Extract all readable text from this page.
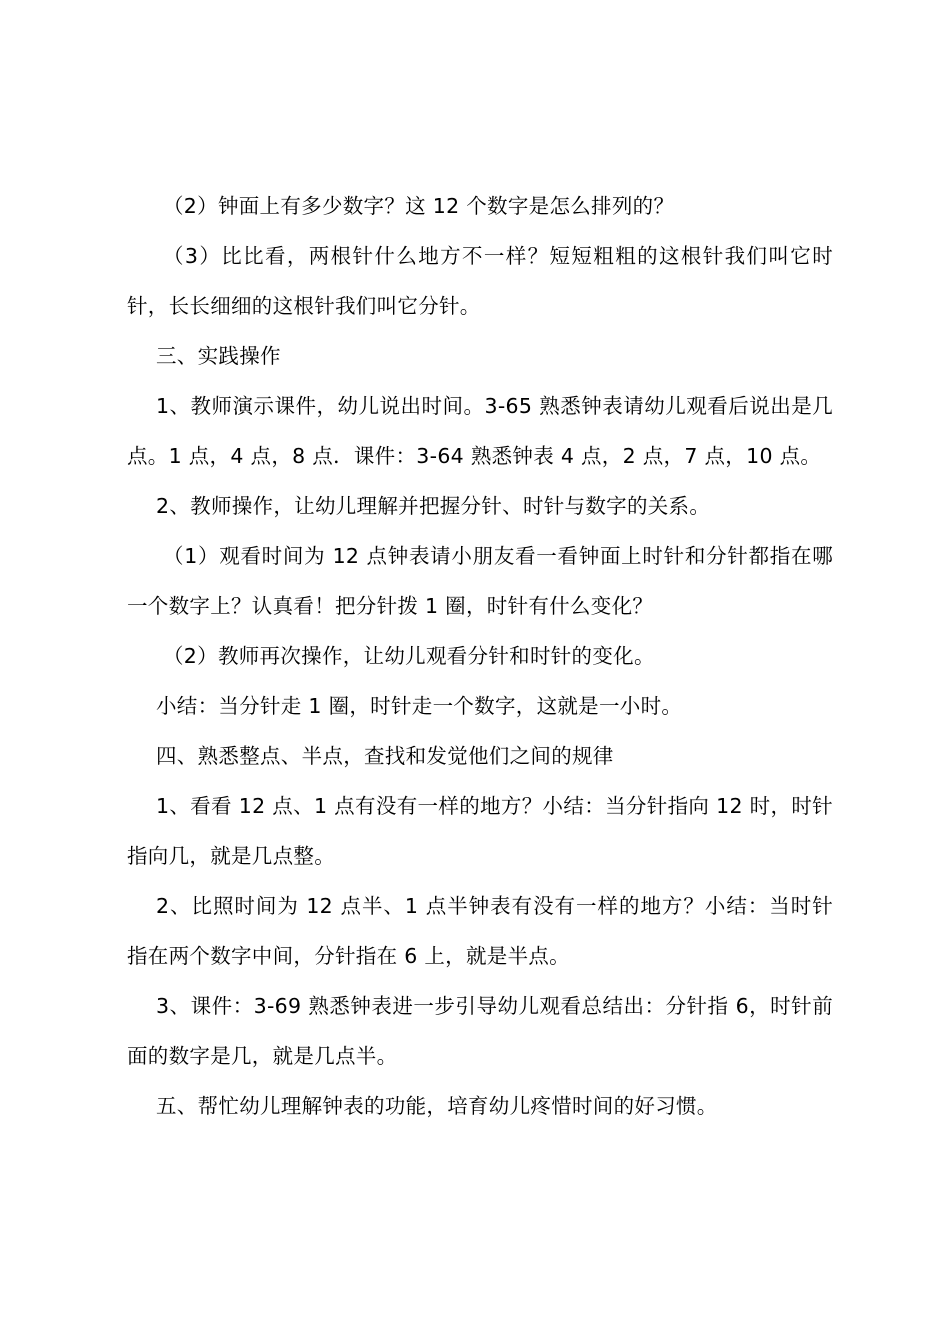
（2）钟面上有多少数字？这 12 个数字是怎么排列的？

（3）比比看，两根针什么地方不一样？短短粗粗的这根针我们叫它时针，长长细细的这根针我们叫它分针。

三、实践操作

1、教师演示课件，幼儿说出时间。3-65 熟悉钟表请幼儿观看后说出是几点。1 点，4 点，8 点．课件：3-64 熟悉钟表 4 点，2 点，7 点，10 点。

2、教师操作，让幼儿理解并把握分针、时针与数字的关系。

（1）观看时间为 12 点钟表请小朋友看一看钟面上时针和分针都指在哪一个数字上？认真看！把分针拨 1 圈，时针有什么变化？

（2）教师再次操作，让幼儿观看分针和时针的变化。

小结：当分针走 1 圈，时针走一个数字，这就是一小时。

四、熟悉整点、半点，查找和发觉他们之间的规律

1、看看 12 点、1 点有没有一样的地方？小结：当分针指向 12 时，时针指向几，就是几点整。

2、比照时间为 12 点半、1 点半钟表有没有一样的地方？小结：当时针指在两个数字中间，分针指在 6 上，就是半点。

3、课件：3-69 熟悉钟表进一步引导幼儿观看总结出：分针指 6，时针前面的数字是几，就是几点半。

五、帮忙幼儿理解钟表的功能，培育幼儿疼惜时间的好习惯。
